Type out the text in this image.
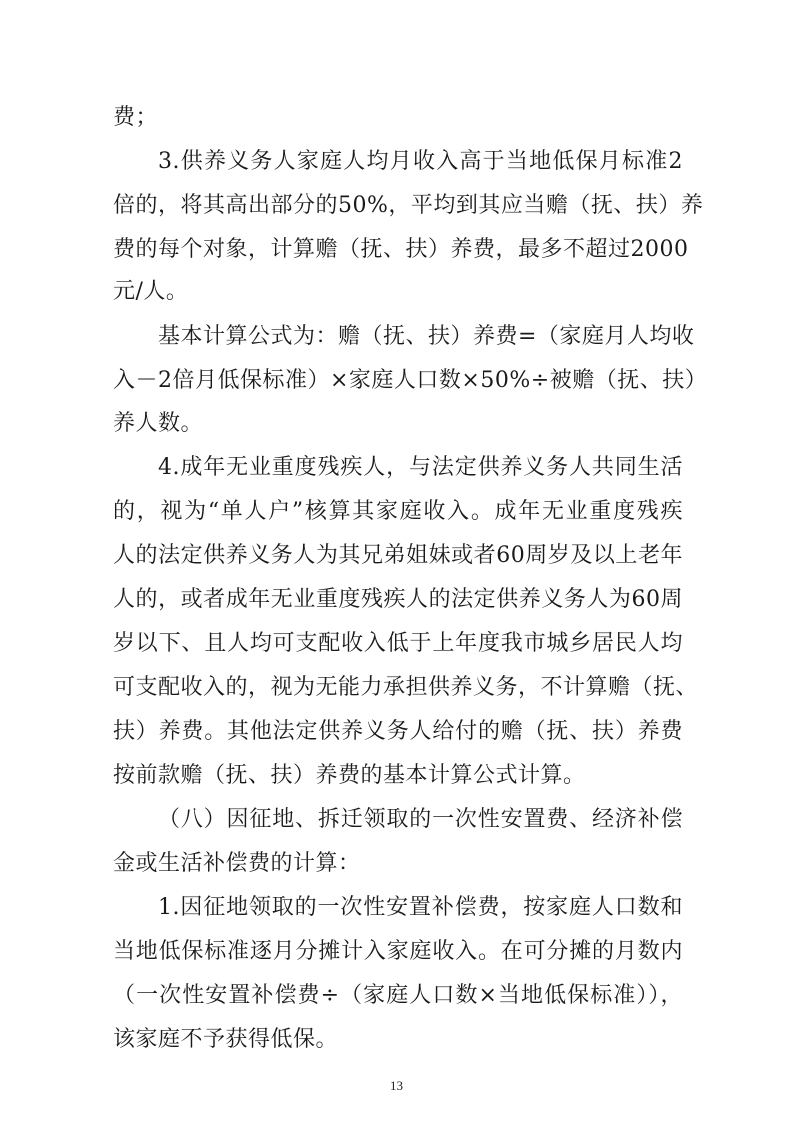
费；
3.供养义务人家庭人均月收入高于当地低保月标准2
倍的，将其高出部分的50%，平均到其应当赡（抚、扶）养
费的每个对象，计算赡（抚、扶）养费，最多不超过2000
元/人。
基本计算公式为：赡（抚、扶）养费=（家庭月人均收
入－2倍月低保标准）×家庭人口数×50%÷被赡（抚、扶）
养人数。
4.成年无业重度残疾人，与法定供养义务人共同生活
的，视为“单人户”核算其家庭收入。成年无业重度残疾
人的法定供养义务人为其兄弟姐妹或者60周岁及以上老年
人的，或者成年无业重度残疾人的法定供养义务人为60周
岁以下、且人均可支配收入低于上年度我市城乡居民人均
可支配收入的，视为无能力承担供养义务，不计算赡（抚、
扶）养费。其他法定供养义务人给付的赡（抚、扶）养费
按前款赡（抚、扶）养费的基本计算公式计算。
（八）因征地、拆迁领取的一次性安置费、经济补偿
金或生活补偿费的计算：
1.因征地领取的一次性安置补偿费，按家庭人口数和
当地低保标准逐月分摊计入家庭收入。在可分摊的月数内
（一次性安置补偿费÷（家庭人口数×当地低保标准）），
该家庭不予获得低保。
13
